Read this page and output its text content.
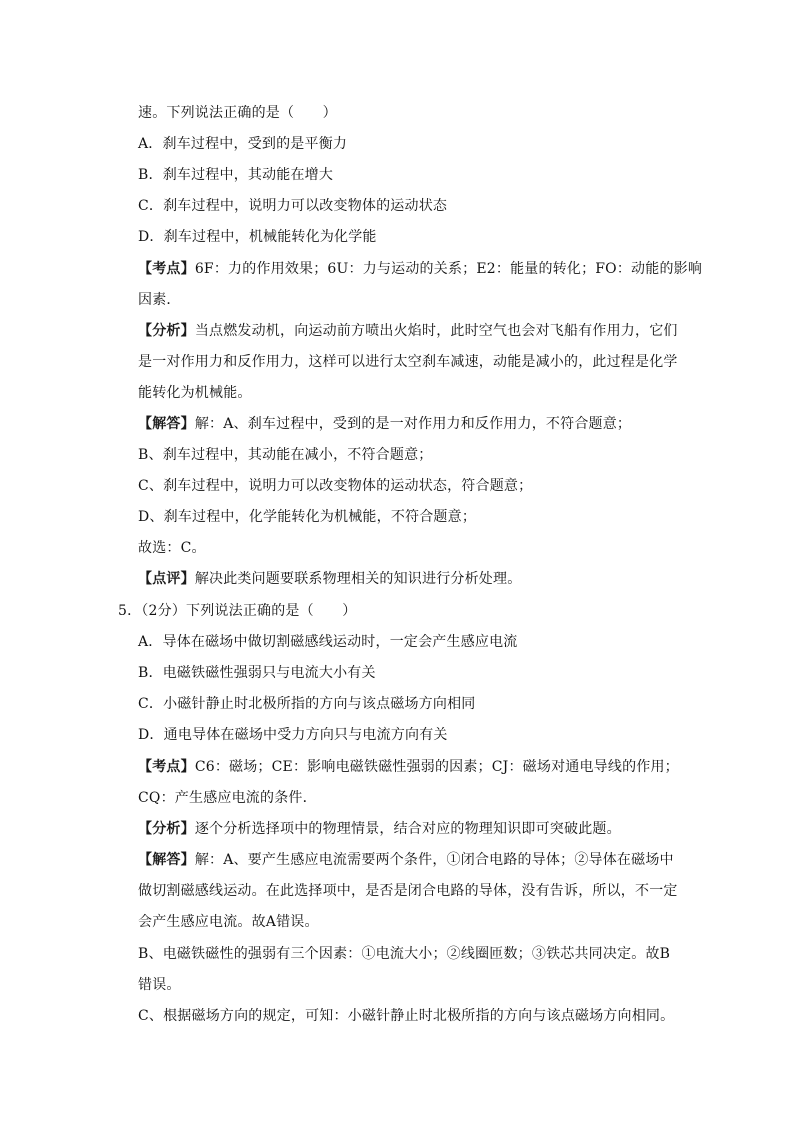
速。下列说法正确的是（　　）
A．刹车过程中，受到的是平衡力
B．刹车过程中，其动能在增大
C．刹车过程中，说明力可以改变物体的运动状态
D．刹车过程中，机械能转化为化学能
【考点】6F：力的作用效果；6U：力与运动的关系；E2：能量的转化；FO：动能的影响
因素．
【分析】当点燃发动机，向运动前方喷出火焰时，此时空气也会对飞船有作用力，它们
是一对作用力和反作用力，这样可以进行太空刹车减速，动能是减小的，此过程是化学
能转化为机械能。
【解答】解：A、刹车过程中，受到的是一对作用力和反作用力，不符合题意；
B、刹车过程中，其动能在减小，不符合题意；
C、刹车过程中，说明力可以改变物体的运动状态，符合题意；
D、刹车过程中，化学能转化为机械能，不符合题意；
故选：C。
【点评】解决此类问题要联系物理相关的知识进行分析处理。
5．（2分）下列说法正确的是（　　）
A．导体在磁场中做切割磁感线运动时，一定会产生感应电流
B．电磁铁磁性强弱只与电流大小有关
C．小磁针静止时北极所指的方向与该点磁场方向相同
D．通电导体在磁场中受力方向只与电流方向有关
【考点】C6：磁场；CE：影响电磁铁磁性强弱的因素；CJ：磁场对通电导线的作用；
CQ：产生感应电流的条件．
【分析】逐个分析选择项中的物理情景，结合对应的物理知识即可突破此题。
【解答】解：A、要产生感应电流需要两个条件，①闭合电路的导体；②导体在磁场中
做切割磁感线运动。在此选择项中，是否是闭合电路的导体，没有告诉，所以，不一定
会产生感应电流。故A错误。
B、电磁铁磁性的强弱有三个因素：①电流大小；②线圈匝数；③铁芯共同决定。故B
错误。
C、根据磁场方向的规定，可知：小磁针静止时北极所指的方向与该点磁场方向相同。
